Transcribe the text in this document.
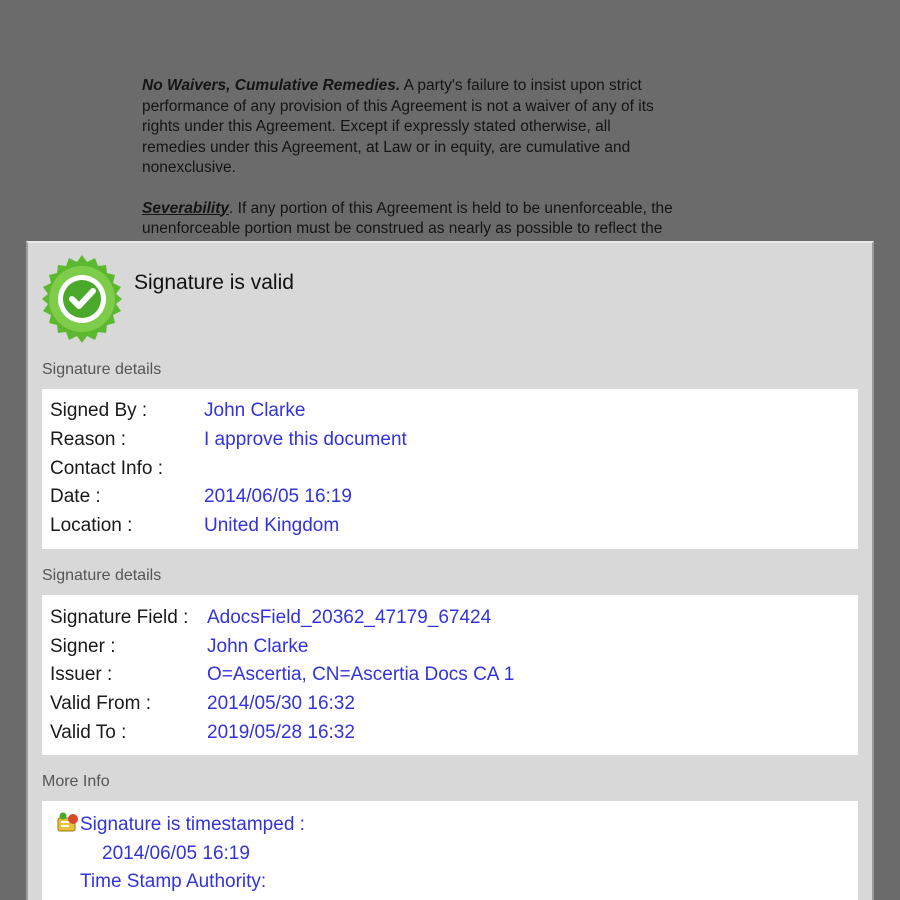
No Waivers, Cumulative Remedies. A party's failure to insist upon strict
performance of any provision of this Agreement is not a waiver of any of its
rights under this Agreement. Except if expressly stated otherwise, all
remedies under this Agreement, at Law or in equity, are cumulative and
nonexclusive.

Severability. If any portion of this Agreement is held to be unenforceable, the
unenforceable portion must be construed as nearly as possible to reflect the

Signature is valid
Signature details
Signed By :	John Clarke
Reason :	I approve this document
Contact Info :
Date :	2014/06/05 16:19
Location :	United Kingdom
Signature details
Signature Field : AdocsField_20362_47179_67424
Signer :	John Clarke
Issuer :	O=Ascertia, CN=Ascertia Docs CA 1
Valid From :	2014/05/30 16:32
Valid To :	2019/05/28 16:32
More Info
Signature is timestamped :
2014/06/05 16:19
Time Stamp Authority:
